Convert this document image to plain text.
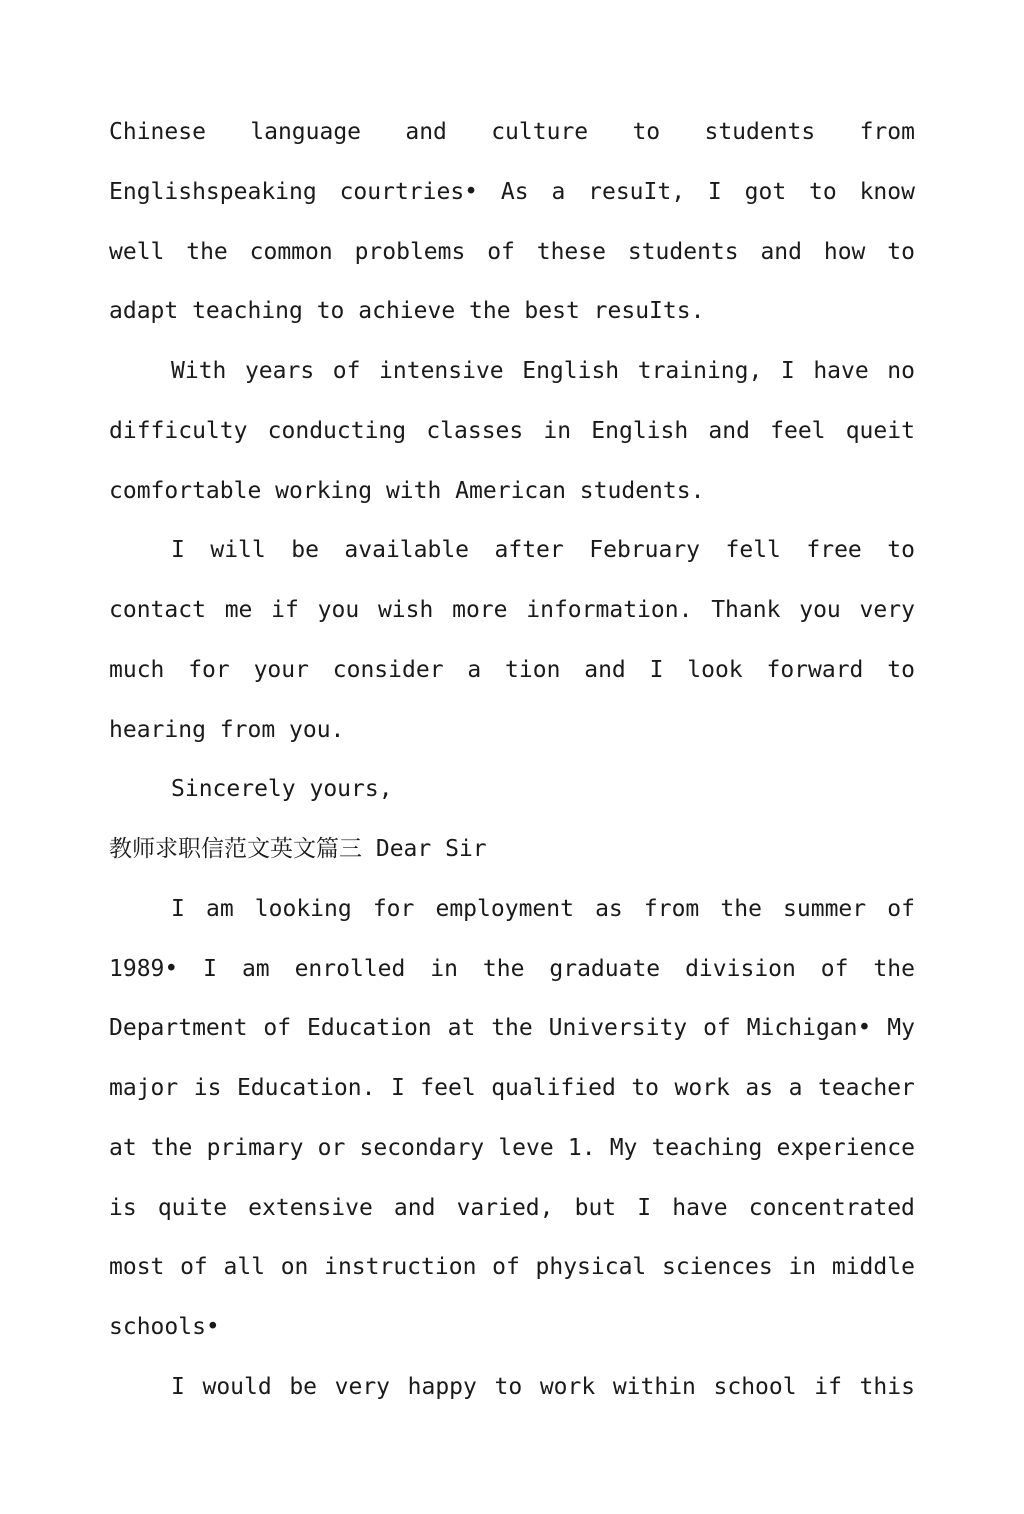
Chinese language and culture to students from
Englishspeaking courtries• As a resuIt, I got to know
well the common problems of these students and how to
adapt teaching to achieve the best resuIts.
With years of intensive English training, I have no
difficulty conducting classes in English and feel queit
comfortable working with American students.
I will be available after February fell free to
contact me if you wish more information. Thank you very
much for your consider a tion and I look forward to
hearing from you.
Sincerely yours,
教师求职信范文英文篇三 Dear Sir
I am looking for employment as from the summer of
1989• I am enrolled in the graduate division of the
Department of Education at the University of Michigan• My
major is Education. I feel qualified to work as a teacher
at the primary or secondary leve 1. My teaching experience
is quite extensive and varied, but I have concentrated
most of all on instruction of physical sciences in middle
schools•
I would be very happy to work within school if this
